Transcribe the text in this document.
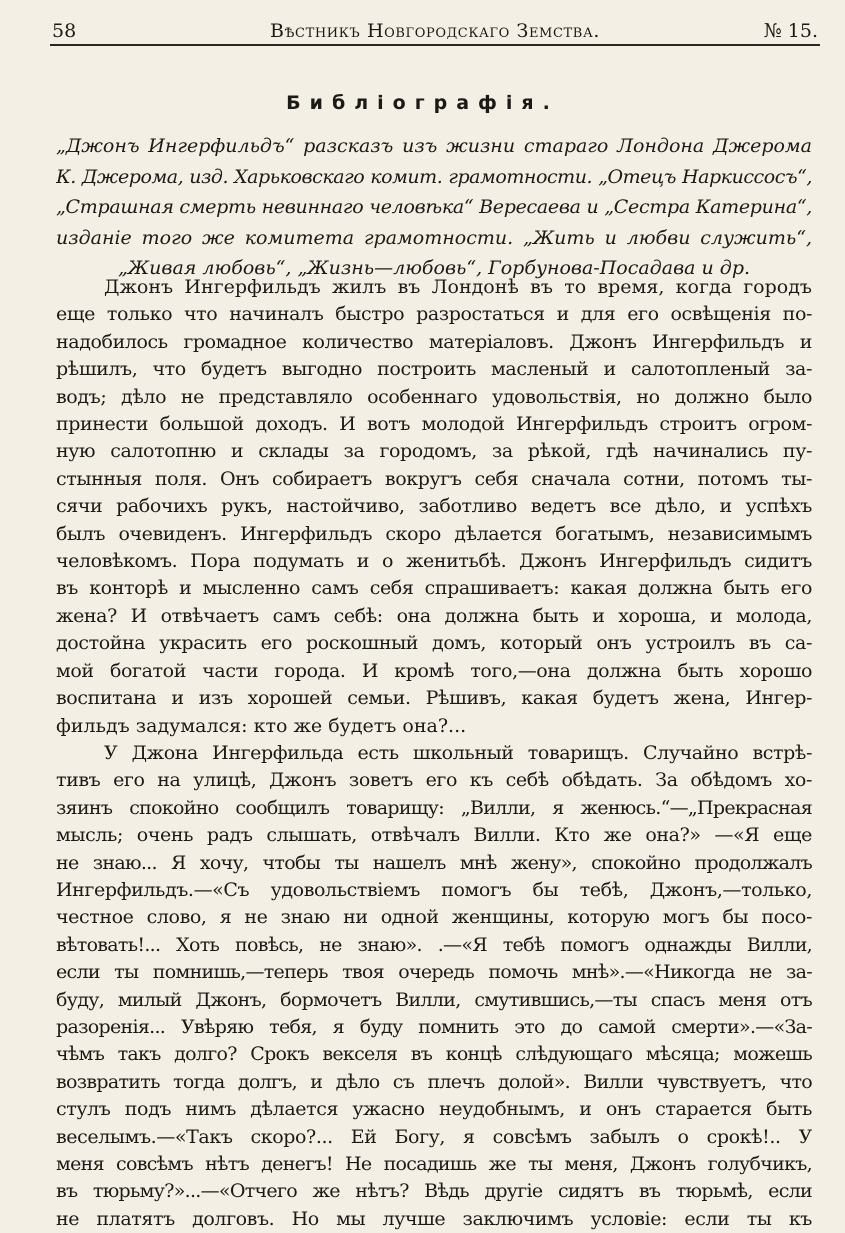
58	Вѣстникъ Новгородскаго Земства.	№ 15.
Библіографія.
„Джонъ Ингерфильдъ“ разсказъ изъ жизни стараго Лондона Джерома
К. Джерома, изд. Харьковскаго комит. грамотности. „Отецъ Наркиссосъ“,
„Страшная смерть невиннаго человѣка“ Вересаева и „Сестра Катерина“,
изданіе того же комитета грамотности. „Жить и любви служить“,
„Живая любовь“, „Жизнь—любовь“, Горбунова-Посадава и др.
Джонъ Ингерфильдъ жилъ въ Лондонѣ въ то время, когда городъ
еще только что начиналъ быстро разростаться и для его освѣщенія по-
надобилось громадное количество матеріаловъ. Джонъ Ингерфильдъ и
рѣшилъ, что будетъ выгодно построить масленый и салотопленый за-
водъ; дѣло не представляло особеннаго удовольствія, но должно было
принести большой доходъ. И вотъ молодой Ингерфильдъ строитъ огром-
ную салотопню и склады за городомъ, за рѣкой, гдѣ начинались пу-
стынныя поля. Онъ собираетъ вокругъ себя сначала сотни, потомъ ты-
сячи рабочихъ рукъ, настойчиво, заботливо ведетъ все дѣло, и успѣхъ
былъ очевиденъ. Ингерфильдъ скоро дѣлается богатымъ, независимымъ
человѣкомъ. Пора подумать и о женитьбѣ. Джонъ Ингерфильдъ сидитъ
въ конторѣ и мысленно самъ себя спрашиваетъ: какая должна быть его
жена? И отвѣчаетъ самъ себѣ: она должна быть и хороша, и молода,
достойна украсить его роскошный домъ, который онъ устроилъ въ са-
мой богатой части города. И кромѣ того,—она должна быть хорошо
воспитана и изъ хорошей семьи. Рѣшивъ, какая будетъ жена, Ингер-
фильдъ задумался: кто же будетъ она?...
У Джона Ингерфильда есть школьный товарищъ. Случайно встрѣ-
тивъ его на улицѣ, Джонъ зоветъ его къ себѣ обѣдать. За обѣдомъ хо-
зяинъ спокойно сообщилъ товарищу: „Вилли, я женюсь.“—„Прекрасная
мысль; очень радъ слышать, отвѣчалъ Вилли. Кто же она?» —«Я еще
не знаю... Я хочу, чтобы ты нашелъ мнѣ жену», спокойно продолжалъ
Ингерфильдъ.—«Съ удовольствіемъ помогъ бы тебѣ, Джонъ,—только,
честное слово, я не знаю ни одной женщины, которую могъ бы посо-
вѣтовать!... Хоть повѣсь, не знаю». .—«Я тебѣ помогъ однажды Вилли,
если ты помнишь,—теперь твоя очередь помочь мнѣ».—«Никогда не за-
буду, милый Джонъ, бормочетъ Вилли, смутившись,—ты спасъ меня отъ
разоренія... Увѣряю тебя, я буду помнить это до самой смерти».—«За-
чѣмъ такъ долго? Срокъ векселя въ концѣ слѣдующаго мѣсяца; можешь
возвратить тогда долгъ, и дѣло съ плечъ долой». Вилли чувствуетъ, что
стулъ подъ нимъ дѣлается ужасно неудобнымъ, и онъ старается быть
веселымъ.—«Такъ скоро?... Ей Богу, я совсѣмъ забылъ о срокѣ!.. У
меня совсѣмъ нѣтъ денегъ! Не посадишь же ты меня, Джонъ голубчикъ,
въ тюрьму?»...—«Отчего же нѣтъ? Вѣдь другіе сидятъ въ тюрьмѣ, если
не платятъ долговъ. Но мы лучше заключимъ условіе: если ты къ
